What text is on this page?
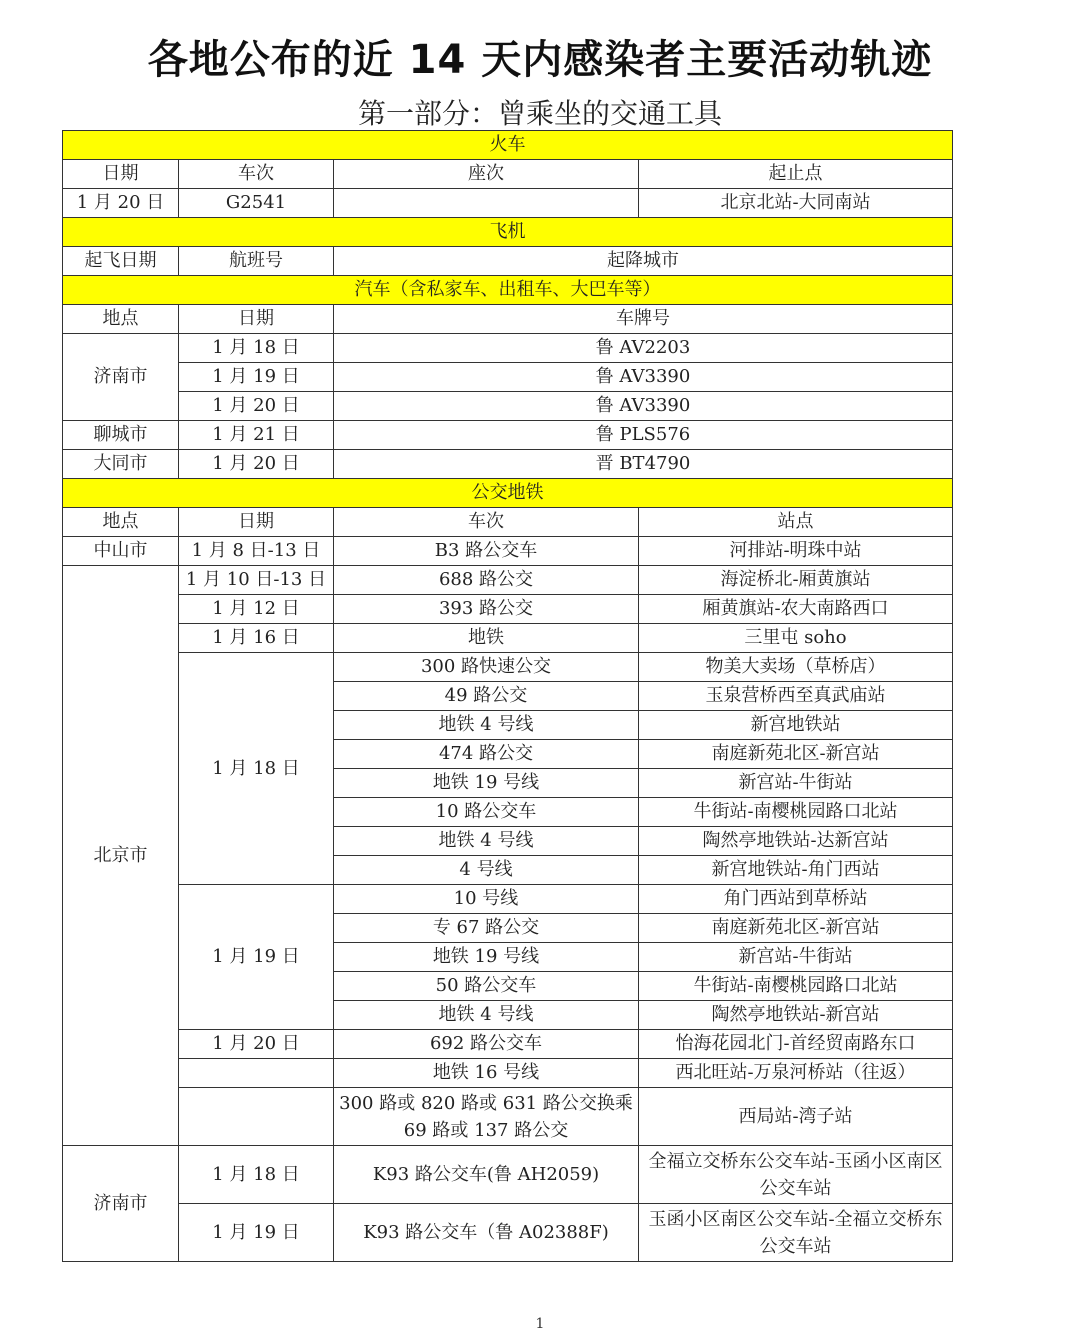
各地公布的近 14 天内感染者主要活动轨迹
第一部分：曾乘坐的交通工具
火车			
日期	车次	座次	起止点
1 月 20 日	G2541		北京北站-大同南站
飞机			
起飞日期	航班号	起降城市	
汽车（含私家车、出租车、大巴车等）			
地点	日期	车牌号	
济南市	1 月 18 日	鲁 AV2203	
	1 月 19 日	鲁 AV3390	
	1 月 20 日	鲁 AV3390	
聊城市	1 月 21 日	鲁 PLS576	
大同市	1 月 20 日	晋 BT4790	
公交地铁			
地点	日期	车次	站点
中山市	1 月 8 日-13 日	B3 路公交车	河排站-明珠中站
北京市	1 月 10 日-13 日	688 路公交	海淀桥北-厢黄旗站
	1 月 12 日	393 路公交	厢黄旗站-农大南路西口
	1 月 16 日	地铁	三里屯 soho
	1 月 18 日	300 路快速公交	物美大卖场（草桥店）
		49 路公交	玉泉营桥西至真武庙站
		地铁 4 号线	新宫地铁站
		474 路公交	南庭新苑北区-新宫站
		地铁 19 号线	新宫站-牛街站
		10 路公交车	牛街站-南樱桃园路口北站
		地铁 4 号线	陶然亭地铁站-达新宫站
		4 号线	新宫地铁站-角门西站
	1 月 19 日	10 号线	角门西站到草桥站
		专 67 路公交	南庭新苑北区-新宫站
		地铁 19 号线	新宫站-牛街站
		50 路公交车	牛街站-南樱桃园路口北站
		地铁 4 号线	陶然亭地铁站-新宫站
	1 月 20 日	692 路公交车	怡海花园北门-首经贸南路东口
		地铁 16 号线	西北旺站-万泉河桥站（往返）
		300 路或 820 路或 631 路公交换乘 69 路或 137 路公交	西局站-湾子站
济南市	1 月 18 日	K93 路公交车(鲁 AH2059)	全福立交桥东公交车站-玉函小区南区公交车站
	1 月 19 日	K93 路公交车（鲁 A02388F)	玉函小区南区公交车站-全福立交桥东公交车站
1
